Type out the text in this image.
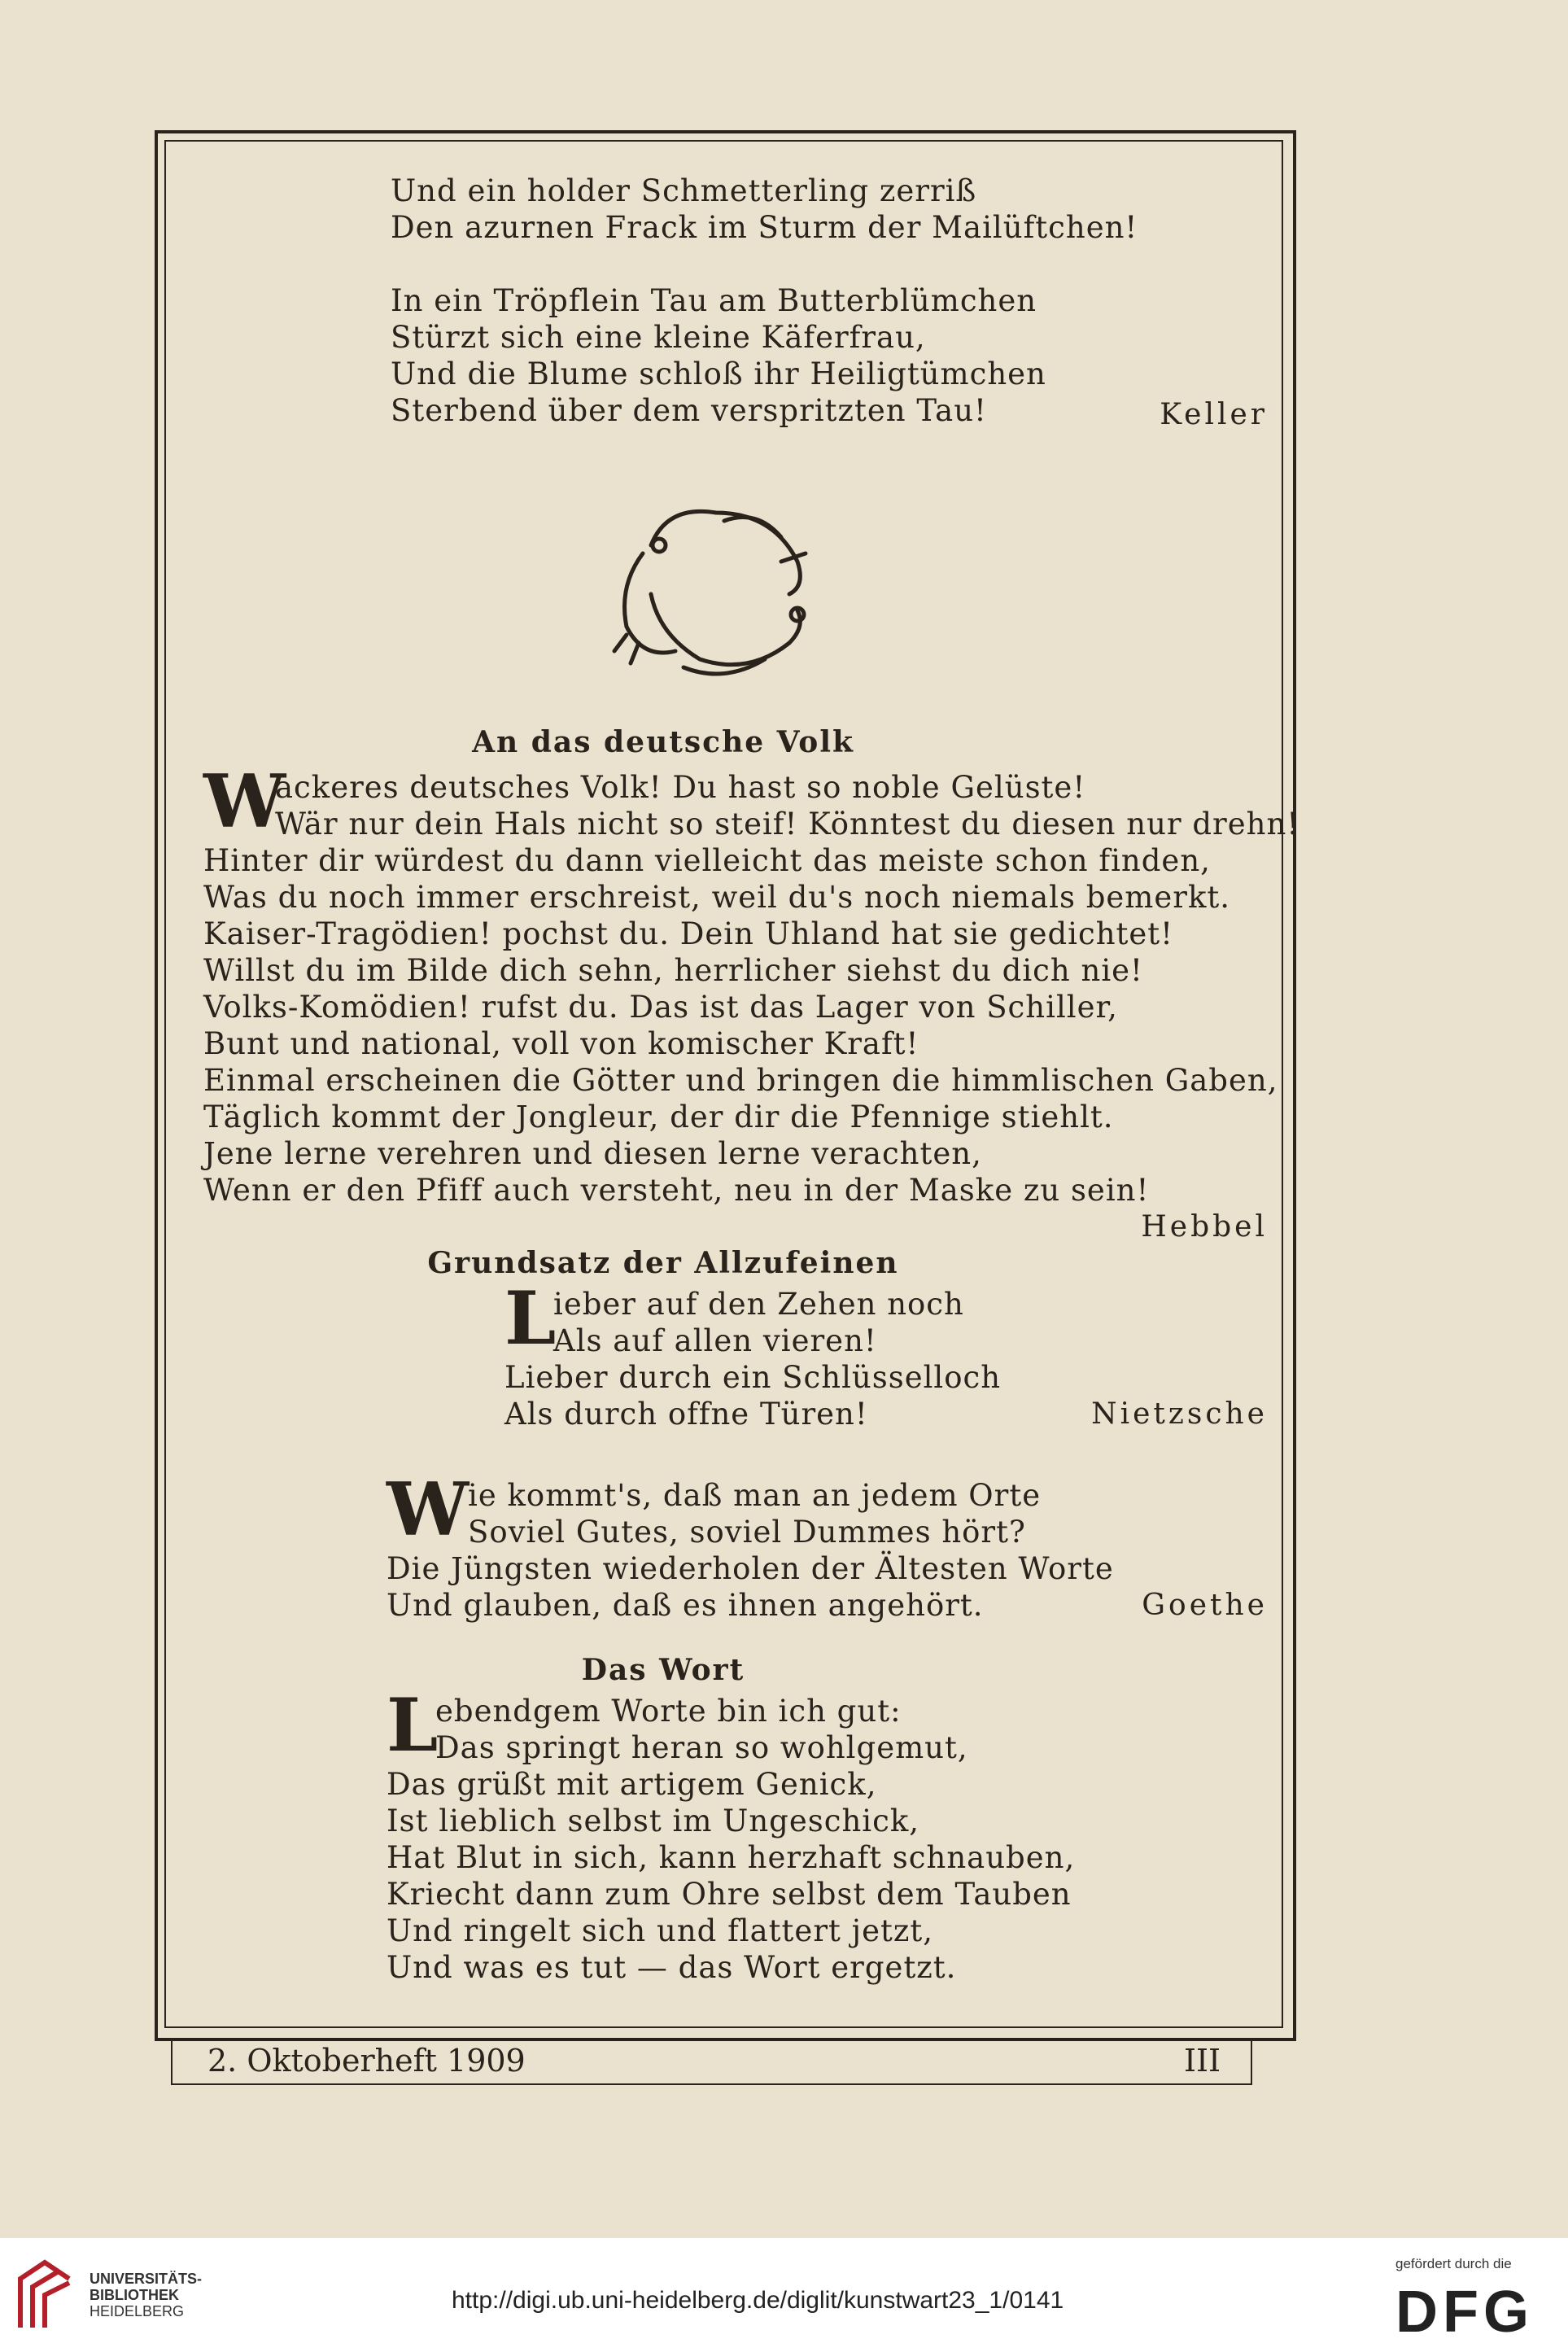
Und ein holder Schmetterling zerriß
Den azurnen Frack im Sturm der Mailüftchen!
In ein Tröpflein Tau am Butterblümchen
Stürzt sich eine kleine Käferfrau,
Und die Blume schloß ihr Heiligtümchen
Sterbend über dem verspritzten Tau!	Keller
An das deutsche Volk
W
ackeres deutsches Volk! Du hast so noble Gelüste!
Wär nur dein Hals nicht so steif! Könntest du diesen nur drehn!
Hinter dir würdest du dann vielleicht das meiste schon finden,
Was du noch immer erschreist, weil du's noch niemals bemerkt.
Kaiser-Tragödien! pochst du. Dein Uhland hat sie gedichtet!
Willst du im Bilde dich sehn, herrlicher siehst du dich nie!
Volks-Komödien! rufst du. Das ist das Lager von Schiller,
Bunt und national, voll von komischer Kraft!
Einmal erscheinen die Götter und bringen die himmlischen Gaben,
Täglich kommt der Jongleur, der dir die Pfennige stiehlt.
Jene lerne verehren und diesen lerne verachten,
Wenn er den Pfiff auch versteht, neu in der Maske zu sein!
Hebbel
Grundsatz der Allzufeinen
L
ieber auf den Zehen noch
Als auf allen vieren!
Lieber durch ein Schlüsselloch
Als durch offne Türen!	Nietzsche
W
ie kommt's, daß man an jedem Orte
Soviel Gutes, soviel Dummes hört?
Die Jüngsten wiederholen der Ältesten Worte
Und glauben, daß es ihnen angehört.	Goethe
Das Wort
L
ebendgem Worte bin ich gut:
Das springt heran so wohlgemut,
Das grüßt mit artigem Genick,
Ist lieblich selbst im Ungeschick,
Hat Blut in sich, kann herzhaft schnauben,
Kriecht dann zum Ohre selbst dem Tauben
Und ringelt sich und flattert jetzt,
Und was es tut — das Wort ergetzt.
2. Oktoberheft 1909	III
UNIVERSITÄTS-
BIBLIOTHEK
HEIDELBERG	http://digi.ub.uni-heidelberg.de/diglit/kunstwart23_1/0141
gefördert durch die
DFG
